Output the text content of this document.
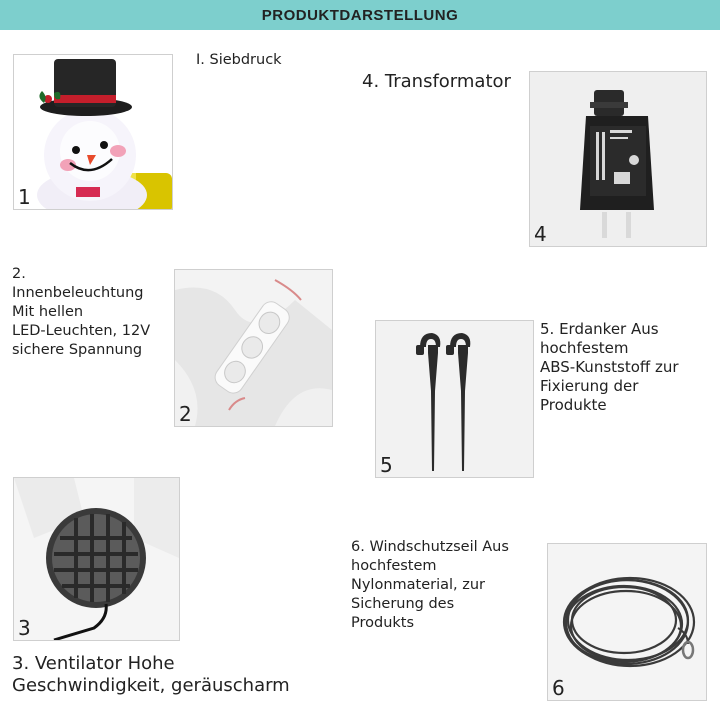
PRODUKTDARSTELLUNG
1
I. Siebdruck
4
4. Transformator
2.
Innenbeleuchtung
Mit hellen
LED-Leuchten, 12V
sichere Spannung
2
5
5. Erdanker Aus
hochfestem
ABS-Kunststoff zur
Fixierung der
Produkte
3
3. Ventilator Hohe
Geschwindigkeit, geräuscharm
6. Windschutzseil Aus
hochfestem
Nylonmaterial, zur
Sicherung des
Produkts
6
